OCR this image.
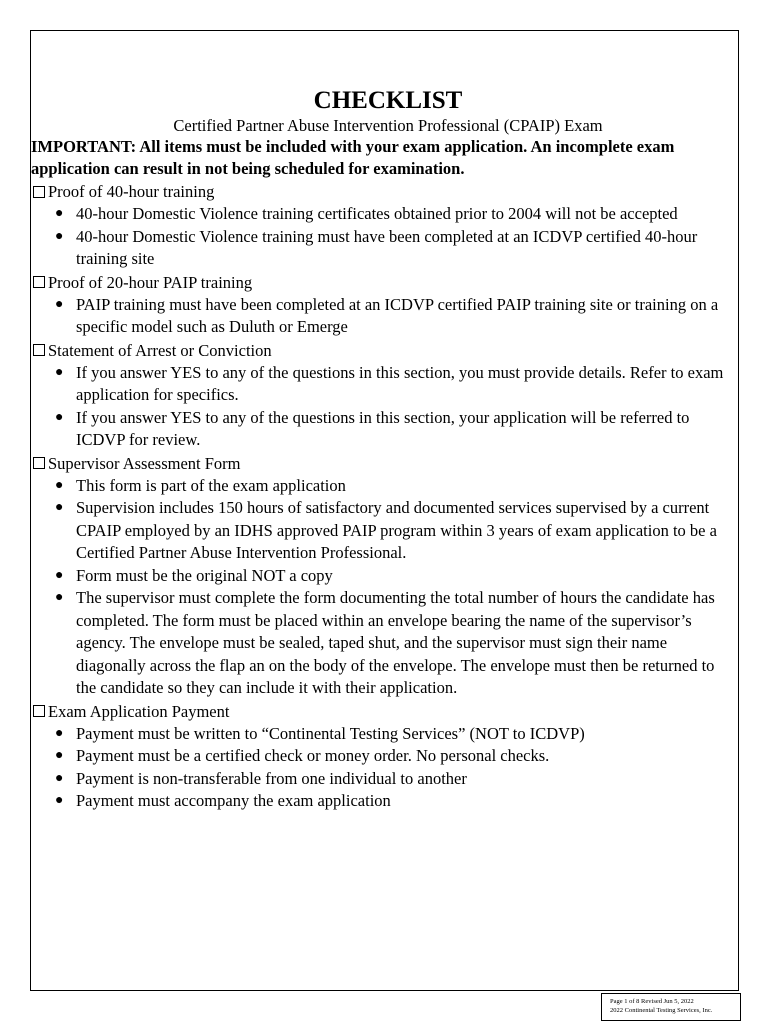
CHECKLIST

Certified Partner Abuse Intervention Professional (CPAIP) Exam

IMPORTANT: All items must be included with your exam application. An incomplete exam application can result in not being scheduled for examination.

Proof of 40-hour training
● 40-hour Domestic Violence training certificates obtained prior to 2004 will not be accepted
● 40-hour Domestic Violence training must have been completed at an ICDVP certified 40-hour training site
Proof of 20-hour PAIP training
● PAIP training must have been completed at an ICDVP certified PAIP training site or training on a specific model such as Duluth or Emerge
Statement of Arrest or Conviction
● If you answer YES to any of the questions in this section, you must provide details. Refer to exam application for specifics.
● If you answer YES to any of the questions in this section, your application will be referred to ICDVP for review.
Supervisor Assessment Form
● This form is part of the exam application
● Supervision includes 150 hours of satisfactory and documented services supervised by a current CPAIP employed by an IDHS approved PAIP program within 3 years of exam application to be a Certified Partner Abuse Intervention Professional.
● Form must be the original NOT a copy
● The supervisor must complete the form documenting the total number of hours the candidate has completed. The form must be placed within an envelope bearing the name of the supervisor’s agency. The envelope must be sealed, taped shut, and the supervisor must sign their name diagonally across the flap an on the body of the envelope. The envelope must then be returned to the candidate so they can include it with their application.
Exam Application Payment
● Payment must be written to “Continental Testing Services” (NOT to ICDVP)
● Payment must be a certified check or money order. No personal checks.
● Payment is non-transferable from one individual to another
● Payment must accompany the exam application
Page 1 of 8 Revised Jun 5, 2022
2022 Continental Testing Services, Inc.
